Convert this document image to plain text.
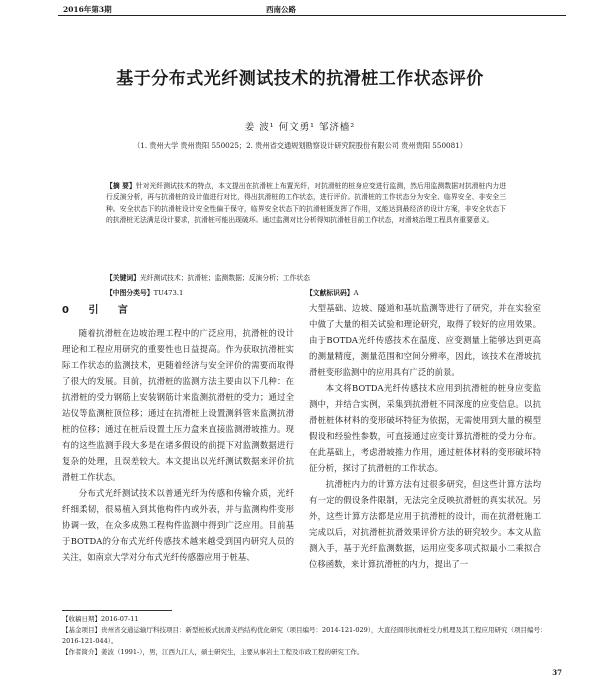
2016年第3期	西南公路
基于分布式光纤测试技术的抗滑桩工作状态评价
姜 波¹ 何文勇¹ 邹济樯²
（1. 贵州大学 贵州贵阳 550025；2. 贵州省交通规划勘察设计研究院股份有限公司 贵州贵阳 550081）
【摘 要】针对光纤测试技术的特点，本文提出在抗滑桩上布置光纤，对抗滑桩的桩身应变进行监测，然后用监测数据对抗滑桩内力进行反演分析，再与抗滑桩的设计值进行对比，得出抗滑桩的工作状态，进行评价。抗滑桩的工作状态分为安全、临界安全、非安全三种。安全状态下的抗滑桩设计安全性偏于保守，临界安全状态下的抗滑桩既发挥了作用，又能达到最经济的设计方案，非安全状态下的抗滑桩无法满足设计要求，抗滑桩可能出现破坏。通过监测对比分析得知抗滑桩目前工作状态，对滑坡治理工程具有重要意义。
【关键词】光纤测试技术；抗滑桩；监测数据；反演分析；工作状态
【中图分类号】TU473.1	【文献标识码】A
0 引 言

随着抗滑桩在边坡治理工程中的广泛应用，抗滑桩的设计理论和工程应用研究的重要性也日益提高。作为获取抗滑桩实际工作状态的监测技术，更随着经济与安全评价的需要而取得了很大的发展。目前，抗滑桩的监测方法主要由以下几种：在抗滑桩的受力钢筋上安装钢筋计来监测抗滑桩的受力；通过全站仪等监测桩顶位移；通过在抗滑桩上设置测斜管来监测抗滑桩的位移；通过在桩后设置土压力盒来直接监测滑坡推力。现有的这些监测手段大多是在诸多假设的前提下对监测数据进行复杂的处理，且误差较大。本文提出以光纤测试数据来评价抗滑桩工作状态。

分布式光纤测试技术以普通光纤为传感和传输介质，光纤纤细柔韧，很易植入到其他构件内或外表，并与监测构件变形协调一致，在众多成熟工程构件监测中得到广泛应用。目前基于BOTDA的分布式光纤传感技术越来越受到国内研究人员的关注，如南京大学对分布式光纤传感器应用于桩基、

大型基础、边坡、隧道和基坑监测等进行了研究，并在实验室中做了大量的相关试验和理论研究，取得了较好的应用效果。由于BOTDA光纤传感技术在温度、应变测量上能够达到更高的测量精度，测量范围和空间分辨率，因此，该技术在滑坡抗滑桩变形监测中的应用具有广泛的前景。

本文将BOTDA光纤传感技术应用到抗滑桩的桩身应变监测中，并结合实例，采集到抗滑桩不同深度的应变信息。以抗滑桩桩体材料的变形破坏特征为依据，无需使用到大量的模型假设和经验性参数，可直接通过应变计算抗滑桩的受力分布。在此基础上，考虑滑坡推力作用，通过桩体材料的变形破坏特征分析，探讨了抗滑桩的工作状态。

抗滑桩内力的计算方法有过很多研究，但这些计算方法均有一定的假设条件限制，无法完全反映抗滑桩的真实状况。另外，这些计算方法都是应用于抗滑桩的设计，而在抗滑桩施工完成以后，对抗滑桩抗滑效果评价方法的研究较少。本文从监测入手，基于光纤监测数据，运用应变多项式拟最小二乘拟合位移函数，来计算抗滑桩的内力，提出了一

【收稿日期】2016-07-11
【基金项目】贵州省交通运输厅科技项目：新型桩板式抗滑支挡结构优化研究（项目编号：2014-121-029），大直径圆形抗滑桩受力机理及其工程应用研究（项目编号：2016-121-044）。
【作者简介】姜波（1991-），男，江西九江人，硕士研究生，主要从事岩土工程及市政工程的研究工作。
37
